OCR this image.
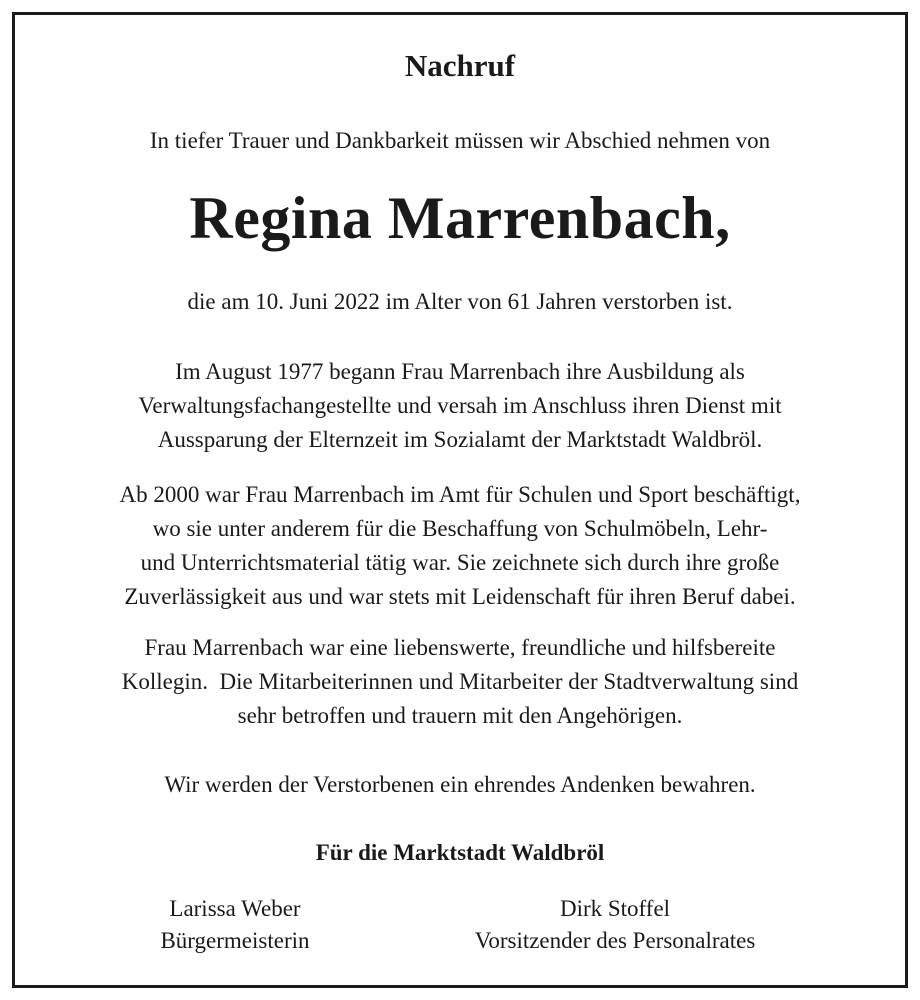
Nachruf
In tiefer Trauer und Dankbarkeit müssen wir Abschied nehmen von
Regina Marrenbach,
die am 10. Juni 2022 im Alter von 61 Jahren verstorben ist.
Im August 1977 begann Frau Marrenbach ihre Ausbildung als
Verwaltungsfachangestellte und versah im Anschluss ihren Dienst mit
Aussparung der Elternzeit im Sozialamt der Marktstadt Waldbröl.
Ab 2000 war Frau Marrenbach im Amt für Schulen und Sport beschäftigt,
wo sie unter anderem für die Beschaffung von Schulmöbeln, Lehr-
und Unterrichtsmaterial tätig war. Sie zeichnete sich durch ihre große
Zuverlässigkeit aus und war stets mit Leidenschaft für ihren Beruf dabei.
Frau Marrenbach war eine liebenswerte, freundliche und hilfsbereite
Kollegin.  Die Mitarbeiterinnen und Mitarbeiter der Stadtverwaltung sind
sehr betroffen und trauern mit den Angehörigen.
Wir werden der Verstorbenen ein ehrendes Andenken bewahren.
Für die Marktstadt Waldbröl
Larissa Weber
Bürgermeisterin
Dirk Stoffel
Vorsitzender des Personalrates
